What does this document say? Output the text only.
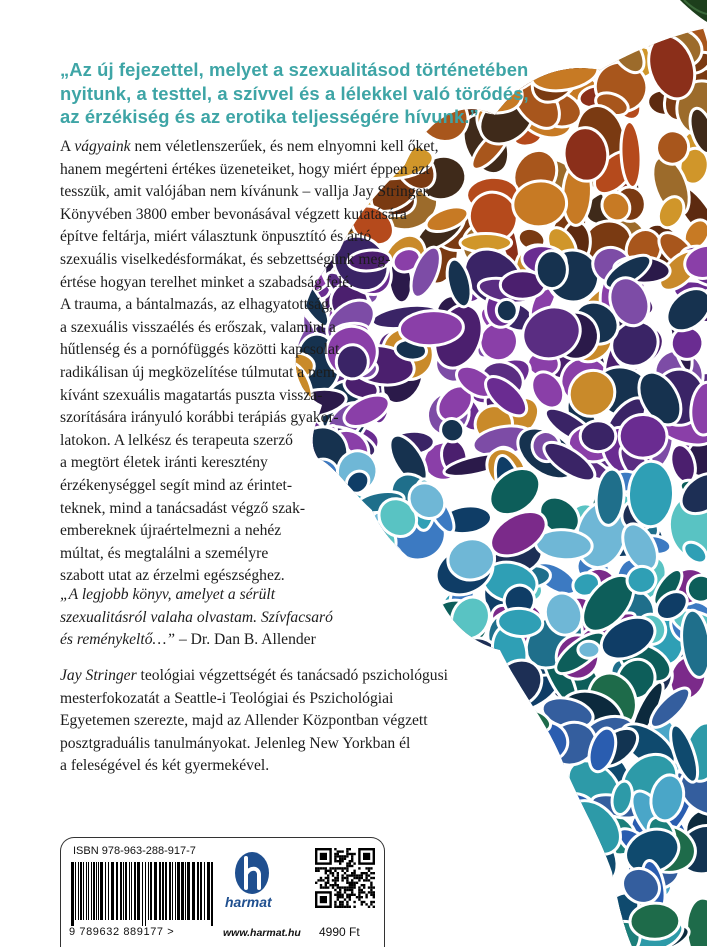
„Az új fejezettel, melyet a szexualitásod történetében
nyitunk, a testtel, a szívvel és a lélekkel való törődés,
az érzékiség és az erotika teljességére hívunk.”
A vágyaink nem véletlenszerűek, és nem elnyomni kell őket,
hanem megérteni értékes üzeneteiket, hogy miért éppen azt
tesszük, amit valójában nem kívánunk – vallja Jay Stringer.
Könyvében 3800 ember bevonásával végzett kutatására
építve feltárja, miért választunk önpusztító és ártó
szexuális viselkedésformákat, és sebzettségünk meg-
értése hogyan terelhet minket a szabadság felé.
A trauma, a bántalmazás, az elhagyatottság,
a szexuális visszaélés és erőszak, valamint a
hűtlenség és a pornófüggés közötti kapcsolat
radikálisan új megközelítése túlmutat a nem
kívánt szexuális magatartás puszta vissza-
szorítására irányuló korábbi terápiás gyakor-
latokon. A lelkész és terapeuta szerző
a megtört életek iránti keresztény
érzékenységgel segít mind az érintet-
teknek, mind a tanácsadást végző szak-
embereknek újraértelmezni a nehéz
múltat, és megtalálni a személyre
szabott utat az érzelmi egészséghez.
„A legjobb könyv, amelyet a sérült
szexualitásról valaha olvastam. Szívfacsaró
és reménykeltő…” – Dr. Dan B. Allender
Jay Stringer teológiai végzettségét és tanácsadó pszichológusi
mesterfokozatát a Seattle-i Teológiai és Pszichológiai
Egyetemen szerezte, majd az Allender Központban végzett
posztgraduális tanulmányokat. Jelenleg New Yorkban él
a feleségével és két gyermekével.
ISBN 978-963-288-917-7
9 789632 889177 >
harmat
www.harmat.hu 4990 Ft
